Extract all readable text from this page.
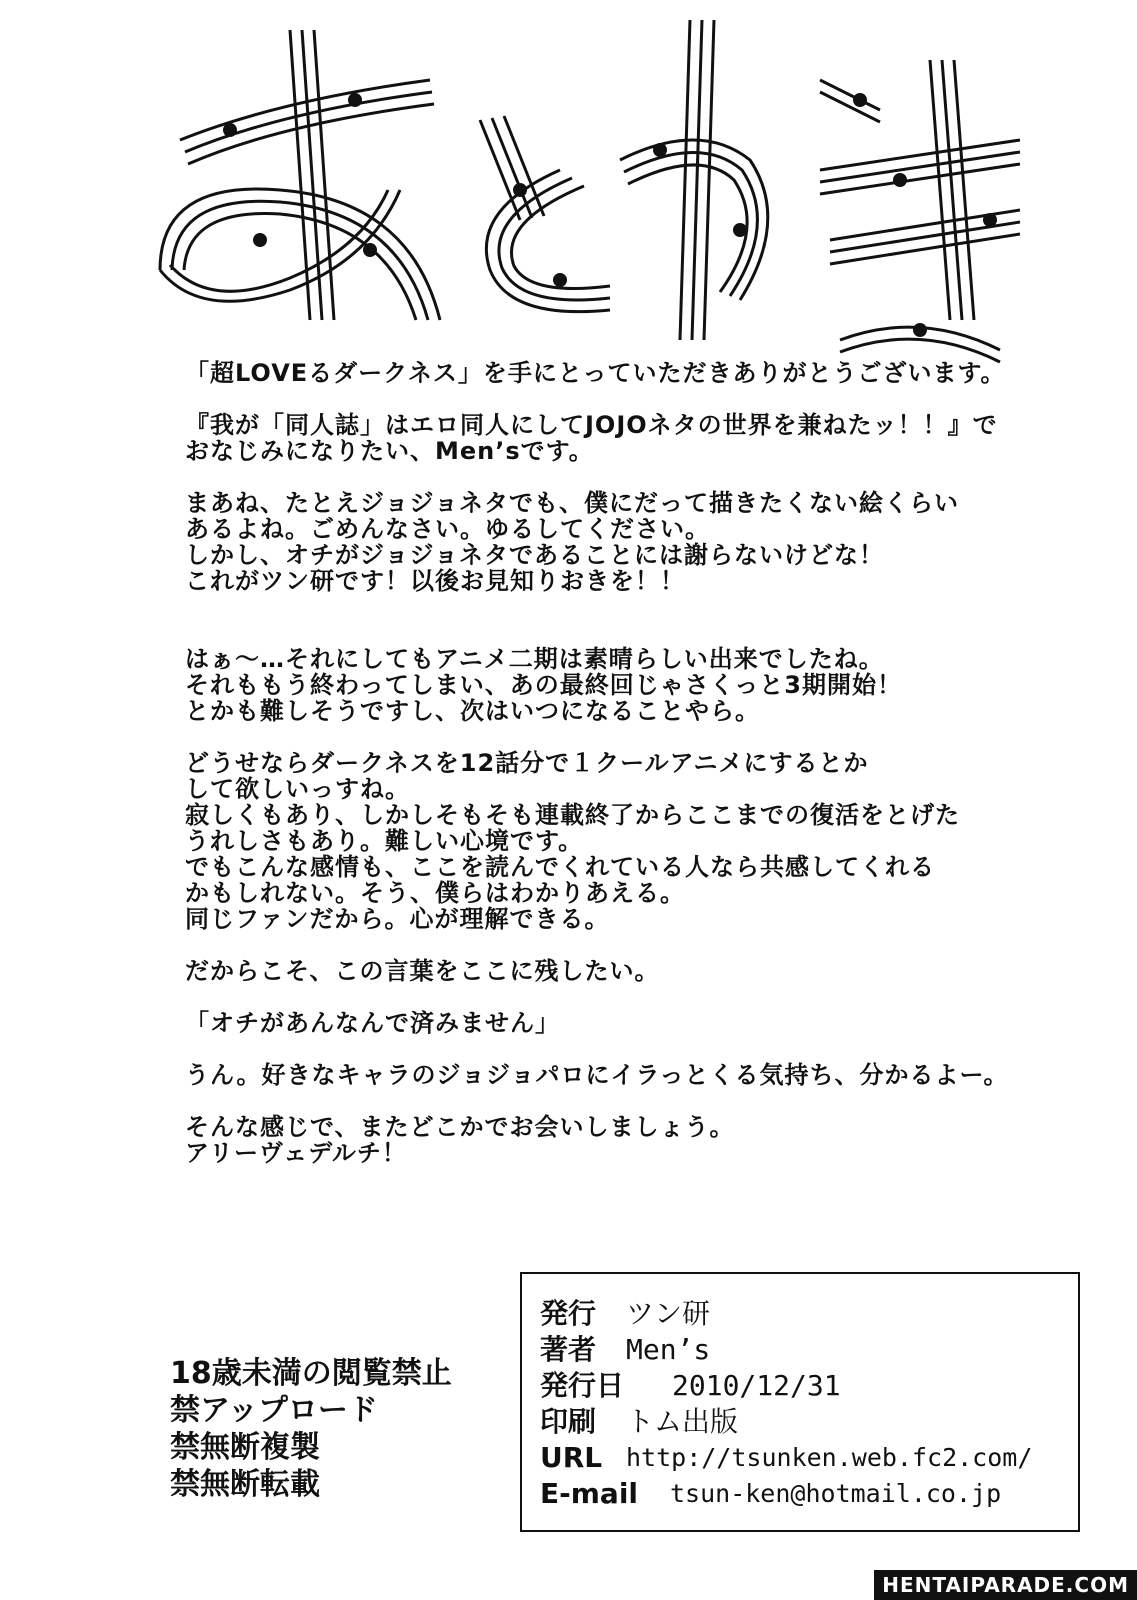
「超LOVEるダークネス」を手にとっていただきありがとうございます。

『我が「同人誌」はエロ同人にしてJOJOネタの世界を兼ねたッ！！』で
おなじみになりたい、Men’sです。

まあね、たとえジョジョネタでも、僕にだって描きたくない絵くらい
あるよね。ごめんなさい。ゆるしてください。
しかし、オチがジョジョネタであることには謝らないけどな！
これがツン研です！以後お見知りおきを！！

はぁ～…それにしてもアニメ二期は素晴らしい出来でしたね。
それももう終わってしまい、あの最終回じゃさくっと3期開始！
とかも難しそうですし、次はいつになることやら。

どうせならダークネスを12話分で１クールアニメにするとか
して欲しいっすね。
寂しくもあり、しかしそもそも連載終了からここまでの復活をとげた
うれしさもあり。難しい心境です。
でもこんな感情も、ここを読んでくれている人なら共感してくれる
かもしれない。そう、僕らはわかりあえる。
同じファンだから。心が理解できる。

だからこそ、この言葉をここに残したい。

「オチがあんなんで済みません」

うん。好きなキャラのジョジョパロにイラっとくる気持ち、分かるよー。

そんな感じで、またどこかでお会いしましょう。
アリーヴェデルチ！

18歳未満の閲覧禁止
禁アップロード
禁無断複製
禁無断転載
発行	ツン研
著者	Men’s
発行日	2010/12/31
印刷	トム出版
URL http://tsunken.web.fc2.com/
E-mail	tsun-ken@hotmail.co.jp
HENTAIPARADE.COM
